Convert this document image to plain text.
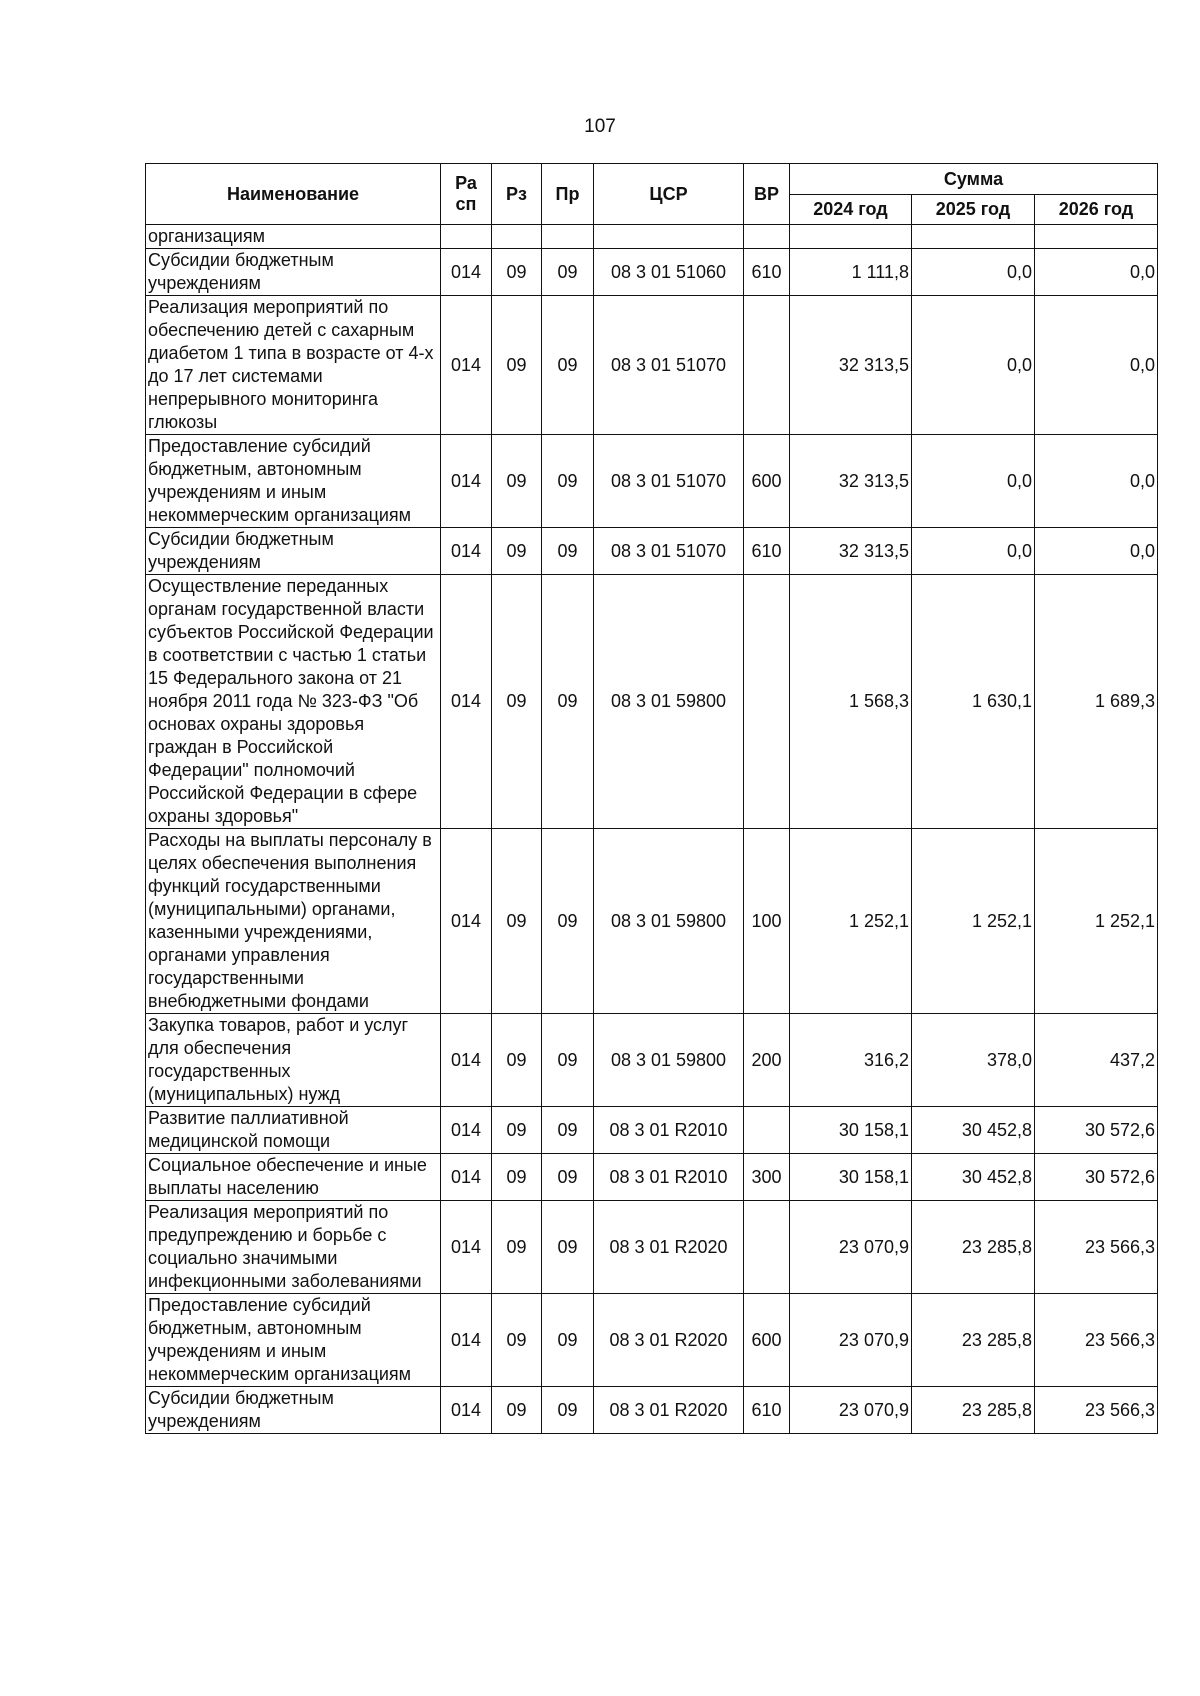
107
Наименование	Ра сп	Рз	Пр	ЦСР	ВР	Сумма		
						2024 год	2025 год	2026 год
организациям								
Субсидии бюджетным учреждениям	014	09	09	08 3 01 51060	610	1 111,8	0,0	0,0
Реализация мероприятий по обеспечению детей с сахарным диабетом 1 типа в возрасте от 4-х до 17 лет системами непрерывного мониторинга глюкозы	014	09	09	08 3 01 51070		32 313,5	0,0	0,0
Предоставление субсидий бюджетным, автономным учреждениям и иным некоммерческим организациям	014	09	09	08 3 01 51070	600	32 313,5	0,0	0,0
Субсидии бюджетным учреждениям	014	09	09	08 3 01 51070	610	32 313,5	0,0	0,0
Осуществление переданных органам государственной власти субъектов Российской Федерации в соответствии с частью 1 статьи 15 Федерального закона от 21 ноября 2011 года № 323-ФЗ "Об основах охраны здоровья граждан в Российской Федерации" полномочий Российской Федерации в сфере охраны здоровья"	014	09	09	08 3 01 59800		1 568,3	1 630,1	1 689,3
Расходы на выплаты персоналу в целях обеспечения выполнения функций государственными (муниципальными) органами, казенными учреждениями, органами управления государственными внебюджетными фондами	014	09	09	08 3 01 59800	100	1 252,1	1 252,1	1 252,1
Закупка товаров, работ и услуг для обеспечения государственных (муниципальных) нужд	014	09	09	08 3 01 59800	200	316,2	378,0	437,2
Развитие паллиативной медицинской помощи	014	09	09	08 3 01 R2010		30 158,1	30 452,8	30 572,6
Социальное обеспечение и иные выплаты населению	014	09	09	08 3 01 R2010	300	30 158,1	30 452,8	30 572,6
Реализация мероприятий по предупреждению и борьбе с социально значимыми инфекционными заболеваниями	014	09	09	08 3 01 R2020		23 070,9	23 285,8	23 566,3
Предоставление субсидий бюджетным, автономным учреждениям и иным некоммерческим организациям	014	09	09	08 3 01 R2020	600	23 070,9	23 285,8	23 566,3
Субсидии бюджетным учреждениям	014	09	09	08 3 01 R2020	610	23 070,9	23 285,8	23 566,3
